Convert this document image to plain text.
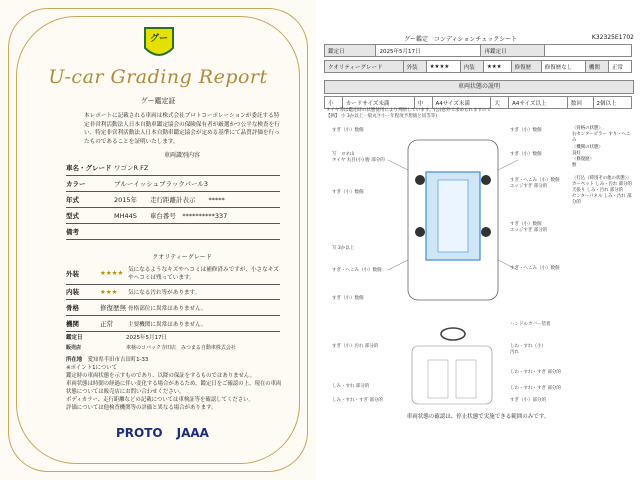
グー
U-car Grading Report
グー鑑定証
本レポートに記載される車両は株式会社プロトコーポレーションが委託する特定非営利活動法人日本自動車鑑定協会の保険保有者が厳選かつ公平な検査を行い、特定非営利活動法人日本自動車鑑定協会が定める基準にて品質評価を行ったものであることを証明いたします。
車両識別内容
車名・グレード ワゴンR FZ
カラー	ブルーイッシュブラックパール3
年式	2015年　　走行距離計表示　　*****
型式	MH44S　　車台番号　**********337
備考
クオリティーグレード
外装	★★★★ 気になるようなキズやヘコミは補修済みですが、小さなキズやヘコミは残っています。
内装	★★★	気になる汚れ等があります。
骨格	修復歴無 骨格部位に異常はありません。
機関	正常	主要機関に異常はありません。
鑑定日	2025年5月17日
販売店	車検のコバック寺田店　みつまる自動車株式会社
所在地　 愛知県半田市吉田町1-33
※ポイント1について
鑑定時の車両状態を示すものであり、以降の保証をするものではありません。
車両状態は時間の経過に伴い変化する場合があるため、鑑定日をご確認の上、現在の車両状態については販売店にお問い合わせください。
ボディカラー、走行距離などの記載については車検証等を確認してください。
評価については他検査機関等の評価と異なる場合があります。
PROTO JAAA
グー鑑定　コンディションチェックシート	K32325E1702
鑑定日	2025年5月17日	再鑑定日	
クオリティーグレード	外装	★★★★	内装	★★★	修復歴	修復歴なし	機関	正常
車両状態の説明
小	カードサイズ未満	中	A4サイズ未満	大	A4サイズ以上	数回	2個以上
タイヤ等は鑑定時の状態使用により判断しています。(公)意外で求められますので
【例】 小 3か以上一般丸さ小一年程度予想値と同等等)
すぎ（小）数個
写　ヨネ山
タイヤ 丸目(小) 腹 部分的
すぎ（小）数個
写 3か以上
すぎ・へこみ（小）数個
すぎ（小）数個
すぎ（小）数個
すぎ（小）数個
すぎ・へこみ（小）数個
エッジすぎ 部分的
すぎ（小）数個
エッジすぎ 部分的
すぎ・へこみ（小）数個
ハンドルカバー装着
しわ・すれ（小）
汚れ
しわ・すれ・すぎ 部分的
しわ・すれ・すぎ 部分的
すぎ（小）部分的
すぎ（小）汚れ 部分的
しみ・すれ 部分的
しみ・すれ・すぎ 部分的
〈骨格の状態〉
右センターピラー すり・へこみ
〈機関の状態〉
良好
〈修復歴〉
無

〈打込（時別その他の状態）〉
カーペット しみ・汚れ 部分的
天張り しみ・汚れ 部分的
センターパネル しみ・汚れ 部分的
車両状態の確認は、停止状態で実施できる範囲のみです。
